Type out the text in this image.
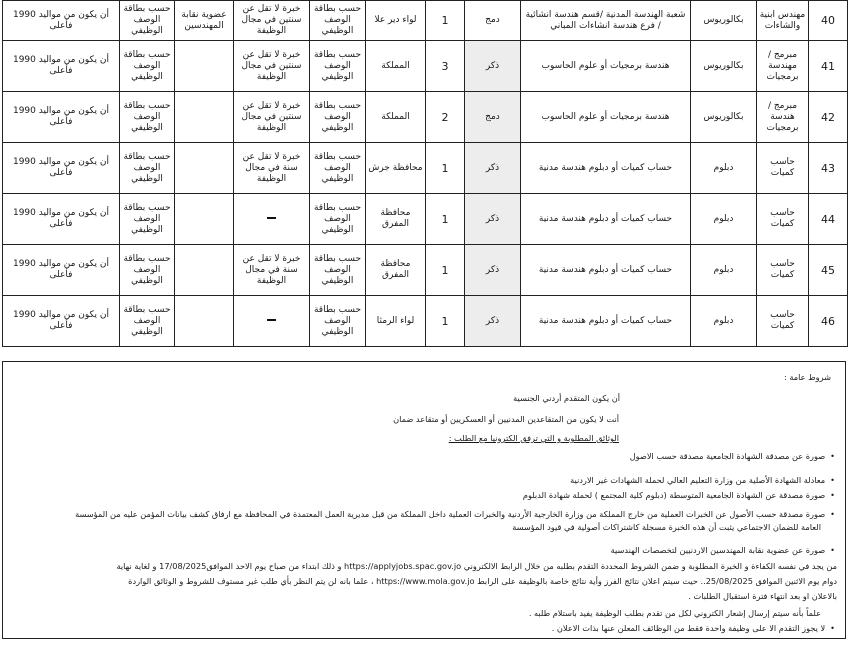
40	مهندس ابنية والشاءات	بكالوريوس	شعبة الهندسة المدنية /قسم هندسة انشائية / فرع هندسة انشاءات المباني	دمج	1	لواء دير علا	حسب بطاقة الوصف الوظيفي	خبرة لا تقل عن سنتين في مجال الوظيفة	عضوية نقابة المهندسين	حسب بطاقة الوصف الوظيفي	أن يكون من مواليد 1990 فأعلى
41	مبرمج /مهندسة برمجيات	بكالوريوس	هندسة برمجيات أو علوم الحاسوب	ذكر	3	المملكة	حسب بطاقة الوصف الوظيفي	خبرة لا تقل عن سنتين في مجال الوظيفة		حسب بطاقة الوصف الوظيفي	أن يكون من مواليد 1990 فأعلى
42	مبرمج /هندسة برمجيات	بكالوريوس	هندسة برمجيات أو علوم الحاسوب	دمج	2	المملكة	حسب بطاقة الوصف الوظيفي	خبرة لا تقل عن سنتين في مجال الوظيفة		حسب بطاقة الوصف الوظيفي	أن يكون من مواليد 1990 فأعلى
43	حاسب كميات	دبلوم	حساب كميات أو دبلوم هندسة مدنية	ذكر	1	محافظة جرش	حسب بطاقة الوصف الوظيفي	خبرة لا تقل عن سنة في مجال الوظيفة		حسب بطاقة الوصف الوظيفي	أن يكون من مواليد 1990 فأعلى
44	حاسب كميات	دبلوم	حساب كميات أو دبلوم هندسة مدنية	ذكر	1	محافظة المفرق	حسب بطاقة الوصف الوظيفي			حسب بطاقة الوصف الوظيفي	أن يكون من مواليد 1990 فأعلى
45	حاسب كميات	دبلوم	حساب كميات أو دبلوم هندسة مدنية	ذكر	1	محافظة المفرق	حسب بطاقة الوصف الوظيفي	خبرة لا تقل عن سنة في مجال الوظيفة		حسب بطاقة الوصف الوظيفي	أن يكون من مواليد 1990 فأعلى
46	حاسب كميات	دبلوم	حساب كميات أو دبلوم هندسة مدنية	ذكر	1	لواء الرمثا	حسب بطاقة الوصف الوظيفي			حسب بطاقة الوصف الوظيفي	أن يكون من مواليد 1990 فأعلى
شروط عامة :
أن يكون المتقدم أردني الجنسية
أنت لا يكون من المتقاعدين المدنيين أو العسكريين أو متقاعد ضمان
الوثائق المطلوبة و التي ترفق الكترونيا مع الطلب :
• صورة عن مصدقة الشهادة الجامعية مصدقة حسب الاصول
• معادلة الشهادة الأصلية من وزارة التعليم العالي لحملة الشهادات غير الاردنية
• صورة مصدقة عن الشهادة الجامعية المتوسطة (دبلوم كلية المجتمع ) لحملة شهادة الدبلوم
• صورة مصدقة حسب الأصول عن الخبرات العملية من خارج المملكة من وزارة الخارجية الأردنية والخبرات العملية داخل المملكة من قبل مديرية العمل المعتمدة في المحافظة مع ارفاق كشف بيانات المؤمن عليه من المؤسسة
العامة للضمان الاجتماعي يثبت أن هذه الخبرة مسجلة كاشتراكات أصولية في قيود المؤسسة
• صورة عن عضوية نقابة المهندسين الاردنيين لتخصصات الهندسية
من يجد في نفسه الكفاءة و الخبرة المطلوبة و ضمن الشروط المحددة التقدم بطلبه من خلال الرابط الالكتروني https://applyjobs.spac.gov.jo و ذلك ابتداء من صباح يوم الاحد الموافق17/08/2025 و لغاية نهاية
دوام يوم الاثنين الموافق 25/08/2025.. حيث سيتم اعلان نتائج الفرز وأية نتائج خاصة بالوظيفة على الرابط https://www.mola.gov.jo ، علما بانه لن يتم النظر بأي طلب غير مستوف للشروط و الوثائق الواردة
بالاعلان او بعد انتهاء فترة استقبال الطلبات .
علماً بأنه سيتم إرسال إشعار الكتروني لكل من تقدم بطلب الوظيفة يفيد باستلام طلبه .
• لا يجوز التقدم الا على وظيفة واحدة فقط من الوظائف المعلن عنها بذات الاعلان .
